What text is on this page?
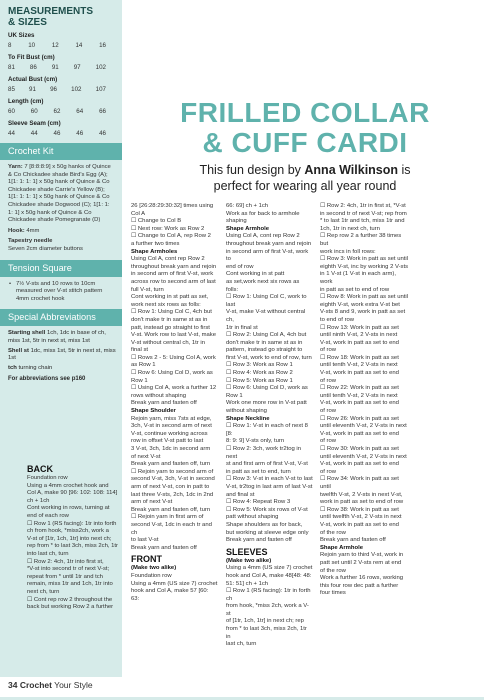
MEASUREMENTS
& SIZES
UK Sizes
8	10	12	14	16
To Fit Bust (cm)
81 86 91 97 102
Actual Bust (cm)
85 91 96 102 107
Length (cm)
60	60	62	64	66
Sleeve Seam (cm)
44	44	46	46	46
Crochet Kit
Yarn: 7 [8:8:8:9] x 50g hanks of Quince & Co Chickadee shade Bird's Egg (A); 1[1: 1: 1: 1] x 50g hank of Quince & Co Chickadee shade Carrie's Yellow (B); 1[1: 1: 1: 1] x 50g hank of Quince & Co Chickadee shade Dogwood (C); 1[1: 1: 1: 1] x 50g hank of Quince & Co Chickadee shade Pomegranate (D)
Hook: 4mm
Tapestry needle
Seven 2cm diameter buttons
Tension Square
• 7½ V-sts and 10 rows to 10cm measured over V-st stitch pattern 4mm crochet hook
Special Abbreviations
Starting shell 1ch, 1dc in base of ch, miss 1st, 5tr in next st, miss 1st
Shell st 1dc, miss 1st, 5tr in next st, miss 1st
tch turning chain
For abbreviations see p160
FRILLED COLLAR
& CUFF CARDI
This fun design by Anna Wilkinson is
perfect for wearing all year round
BACK
Foundation row
Using a 4mm crochet hook and
Col A, make 90 [96: 102: 108: 114]
ch + 1ch
Cont working in rows, turning at
end of each row
☐ Row 1 (RS facing): 1tr into forth
ch from hook, *miss2ch, work a
V-st of [1tr, 1ch, 1tr] into next ch;
rep from * to last 3ch, miss 2ch, 1tr
into last ch, turn
☐ Row 2: 4ch, 1tr into first st,
*V-st into second tr of next V-st;
repeat from * until 1tr and tch
remain, miss 1tr and 1ch, 1tr into
next ch, turn
☐ Cont rep row 2 throughout the
back but working Row 2 a further
26 [26:28:29:30:32] times using
Col A
☐ Change to Col B
☐ Next row: Work as Row 2
☐ Change to Col A, rep Row 2
a further two times
Shape Armholes
Using Col A, cont rep Row 2
throughout break yarn and rejoin
in second arm of first V-st, work
across row to second arm of last
full V-st, turn
Cont working in st patt as set,
work next six rows as folls:
☐ Row 1: Using Col C, 4ch but
don't make tr in same st as in
patt, instead go straight to first
V-st. Work row to last V-st, make
V-st without central ch, 1tr in
final st
☐ Rows 2 - 5: Using Col A, work
as Row 1
☐ Row 6: Using Col D, work as
Row 1
☐ Using Col A, work a further 12
rows without shaping
Break yarn and fasten off
Shape Shoulder
Rejoin yarn, miss 7sts at edge,
3ch, V-st in second arm of next
V-st, continue working across
row in offset V-st patt to last
3 V-st, 3ch, 1dc in second arm
of next V-st
Break yarn and fasten off, turn
☐ Rejoin yarn to second arm of
second V-st, 3ch, V-st in second
arm of next V-st, con in patt to
last three V-sts, 2ch, 1dc in 2nd
arm of next V-st
Break yarn and fasten off, turn
☐ Rejoin yarn in first arm of
second V-st, 1dc in each tr and ch
to last V-st
Break yarn and fasten off
FRONT
(Make two alike)
Foundation row
Using a 4mm (US size 7) crochet
hook and Col A, make 57 [60: 63:
66: 69] ch + 1ch
Work as for back to armhole
shaping
Shape Armhole
Using Col A, cont rep Row 2
throughout break yarn and rejoin
in second arm of first V-st, work to
end of row
Cont working in st patt
as set,work next six rows as folls:
☐ Row 1: Using Col C, work to last
V-st, make V-st without central ch,
1tr in final st
☐ Row 2: Using Col A, 4ch but
don't make tr in same st as in
pattern, instead go straight to
first V-st, work to end of row, turn
☐ Row 3: Work as Row 1
☐ Row 4: Work as Row 2
☐ Row 5: Work as Row 1
☐ Row 6: Using Col D, work as
Row 1
Work one more row in V-st patt
without shaping
Shape Neckline
☐ Row 1: V-st in each of next 8 [8:
8: 9: 9] V-sts only, turn
☐ Row 2: 3ch, work tr2tog in next
st and first arm of first V-st, V-st
in patt as set to end, turn
☐ Row 3: V-st in each V-st to last
V-st, tr2tog in last arm of last V-st
and final st
☐ Row 4: Repeat Row 3
☐ Row 5: Work six rows of V-st
patt without shaping
Shape shoulders as for back,
but working at sleeve edge only
Break yarn and fasten off
SLEEVES
(Make two alike)
Using a 4mm (US size 7) crochet
hook and Col A, make 48[48: 48:
51: 51] ch + 1ch
☐ Row 1 (RS facing): 1tr in forth ch
from hook, *miss 2ch, work a V-st
of [1tr, 1ch, 1tr] in next ch; rep
from * to last 3ch, miss 2ch, 1tr in
last ch, turn
☐ Row 2: 4ch, 1tr in first st, *V-st
in second tr of next V-st; rep from
* to last 1tr and tch, miss 1tr and
1ch, 1tr in next ch, turn
☐ Rep row 2 a further 38 times but
work incs in foll rows:
☐ Row 3: Work in patt as set until
eighth V-st, inc by working 2 V-sts
in 1 V-st (1 V-st in each arm), work
in patt as set to end of row
☐ Row 8: Work in patt as set until
eighth V-st, work extra V-st bet
V-sts 8 and 9, work in patt as set
to end of row
☐ Row 13: Work in patt as set
until ninth V-st, 2 V-sts in next
V-st, work in patt as set to end
of row
☐ Row 18: Work in patt as set
until tenth V-st, 2 V-sts in next
V-st, work in patt as set to end
of row
☐ Row 22: Work in patt as set
until tenth V-st, 2 V-sts in next
V-st, work in patt as set to end
of row
☐ Row 26: Work in patt as set
until eleventh V-st, 2 V-sts in next
V-st, work in patt as set to end
of row
☐ Row 30: Work in patt as set
until eleventh V-st, 2 V-sts in next
V-st, work in patt as set to end
of row
☐ Row 34: Work in patt as set until
twelfth V-st, 2 V-sts in next V-st,
work in patt as set to end of row
☐ Row 38: Work in patt as set
until twelfth V-st, 2 V-sts in next
V-st, work in patt as set to end
of the row
Break yarn and fasten off
Shape Armhole
Rejoin yarn to third V-st, work in
patt set until 2 V-sts rem at end
of the row
Work a further 16 rows, working
this four row dec patt a further
four times
34 Crochet Your Style
